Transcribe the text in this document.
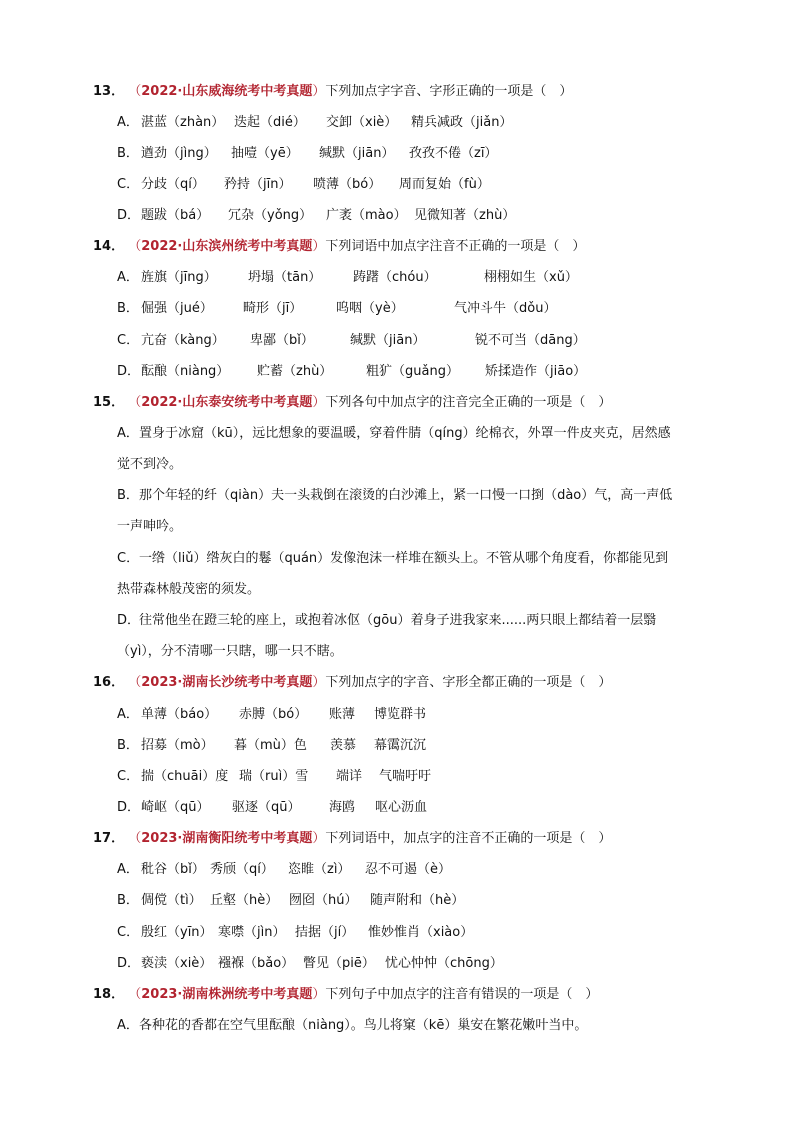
13． （2022·山东威海统考中考真题）下列加点字字音、字形正确的一项是（　）
A． 湛蓝（zhàn） 迭起（dié） 交卸（xiè） 精兵减政（jiǎn）
B． 遒劲（jìng） 抽噎（yē） 缄默（jiān） 孜孜不倦（zī）
C． 分歧（qí） 矜持（jīn） 喷薄（bó） 周而复始（fù）
D． 题跋（bá） 冗杂（yǒng） 广袤（mào） 见微知著（zhù）
14． （2022·山东滨州统考中考真题）下列词语中加点字注音不正确的一项是（　）
A． 旌旗（jīng） 坍塌（tān） 踌躇（chóu）	栩栩如生（xǔ）
B． 倔强（jué） 畸形（jī）	呜咽（yè）	气冲斗牛（dǒu）
C． 亢奋（kàng） 卑鄙（bǐ）	缄默（jiān）	锐不可当（dāng）
D． 酝酿（niàng） 贮蓄（zhù）	粗犷（guǎng） 矫揉造作（jiāo）
15． （2022·山东泰安统考中考真题）下列各句中加点字的注音完全正确的一项是（　）
A．置身于冰窟（kū），远比想象的要温暖，穿着件腈（qíng）纶棉衣，外罩一件皮夹克，居然感
觉不到冷。
B．那个年轻的纤（qiàn）夫一头栽倒在滚烫的白沙滩上，紧一口慢一口捯（dào）气，高一声低
一声呻吟。
C．一绺（liǔ）绺灰白的鬈（quán）发像泡沫一样堆在额头上。不管从哪个角度看，你都能见到
热带森林般茂密的须发。
D．往常他坐在蹬三轮的座上，或抱着冰伛（gōu）着身子进我家来......两只眼上都结着一层翳
（yì），分不清哪一只瞎，哪一只不瞎。
16． （2023·湖南长沙统考中考真题）下列加点字的字音、字形全都正确的一项是（　）
A． 单薄（báo） 赤膊（bó） 账薄 博览群书
B． 招募（mò） 暮（mù）色 羡慕 幕霭沉沉
C． 揣（chuāi）度 瑞（ruì）雪 端详 气喘吁吁
D． 崎岖（qū） 驱逐（qū） 海鸥 呕心沥血
17． （2023·湖南衡阳统考中考真题）下列词语中，加点字的注音不正确的一项是（　）
A． 秕谷（bǐ） 秀颀（qí） 恣睢（zì） 忍不可遏（è）
B． 倜傥（tì） 丘壑（hè） 囫囵（hú） 随声附和（hè）
C． 殷红（yīn） 寒噤（jìn） 拮据（jí） 惟妙惟肖（xiào）
D． 亵渎（xiè） 襁褓（bǎo） 瞥见（piē） 忧心忡忡（chōng）
18． （2023·湖南株洲统考中考真题）下列句子中加点字的注音有错误的一项是（　）
A．各种花的香都在空气里酝酿（niàng）。鸟儿将窠（kē）巢安在繁花嫩叶当中。
